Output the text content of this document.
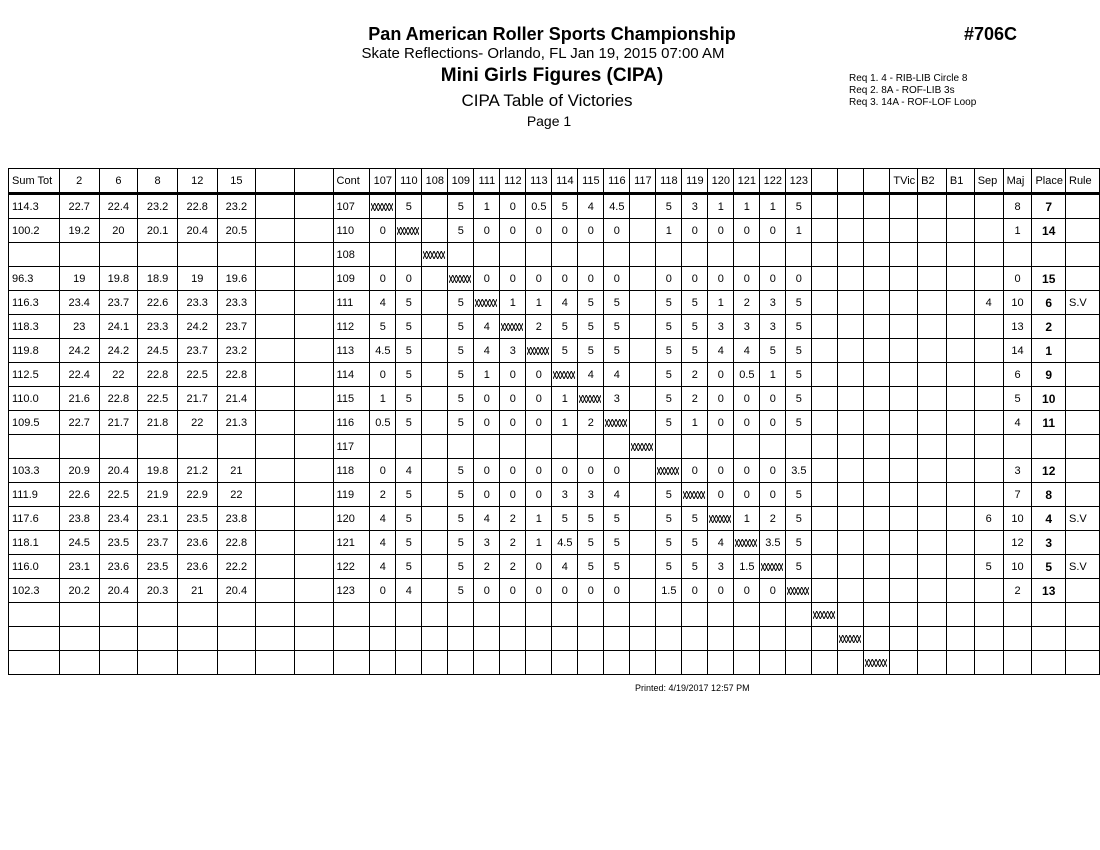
Pan American Roller Sports Championship
Skate Reflections- Orlando, FL Jan 19, 2015 07:00 AM
Mini Girls Figures (CIPA)
CIPA Table of Victories
Page 1
#706C
Req 1. 4 - RIB-LIB Circle 8
Req 2. 8A - ROF-LIB 3s
Req 3. 14A - ROF-LOF Loop
Sum Tot	2	6	8	12	15			Cont	107	110	108	109	111	112	113	114	115	116	117	118	119	120	121	122	123				TVic	B2	B1	Sep	Maj	Place	Rule
114.3	22.7	22.4	23.2	22.8	23.2			107		5		5	1	0	0.5	5	4	4.5		5	3	1	1	1	5								8	7	
100.2	19.2	20	20.1	20.4	20.5			110	0			5	0	0	0	0	0	0		1	0	0	0	0	1								1	14	
								108																											
96.3	19	19.8	18.9	19	19.6			109	0	0			0	0	0	0	0	0		0	0	0	0	0	0								0	15	
116.3	23.4	23.7	22.6	23.3	23.3			111	4	5		5		1	1	4	5	5		5	5	1	2	3	5							4	10	6	S.V
118.3	23	24.1	23.3	24.2	23.7			112	5	5		5	4		2	5	5	5		5	5	3	3	3	5								13	2	
119.8	24.2	24.2	24.5	23.7	23.2			113	4.5	5		5	4	3		5	5	5		5	5	4	4	5	5								14	1	
112.5	22.4	22	22.8	22.5	22.8			114	0	5		5	1	0	0		4	4		5	2	0	0.5	1	5								6	9	
110.0	21.6	22.8	22.5	21.7	21.4			115	1	5		5	0	0	0	1		3		5	2	0	0	0	5								5	10	
109.5	22.7	21.7	21.8	22	21.3			116	0.5	5		5	0	0	0	1	2			5	1	0	0	0	5								4	11	
								117																											
103.3	20.9	20.4	19.8	21.2	21			118	0	4		5	0	0	0	0	0	0			0	0	0	0	3.5								3	12	
111.9	22.6	22.5	21.9	22.9	22			119	2	5		5	0	0	0	3	3	4		5		0	0	0	5								7	8	
117.6	23.8	23.4	23.1	23.5	23.8			120	4	5		5	4	2	1	5	5	5		5	5		1	2	5							6	10	4	S.V
118.1	24.5	23.5	23.7	23.6	22.8			121	4	5		5	3	2	1	4.5	5	5		5	5	4		3.5	5								12	3	
116.0	23.1	23.6	23.5	23.6	22.2			122	4	5		5	2	2	0	4	5	5		5	5	3	1.5		5							5	10	5	S.V
102.3	20.2	20.4	20.3	21	20.4			123	0	4		5	0	0	0	0	0	0		1.5	0	0	0	0									2	13	

Printed: 4/19/2017 12:57 PM
